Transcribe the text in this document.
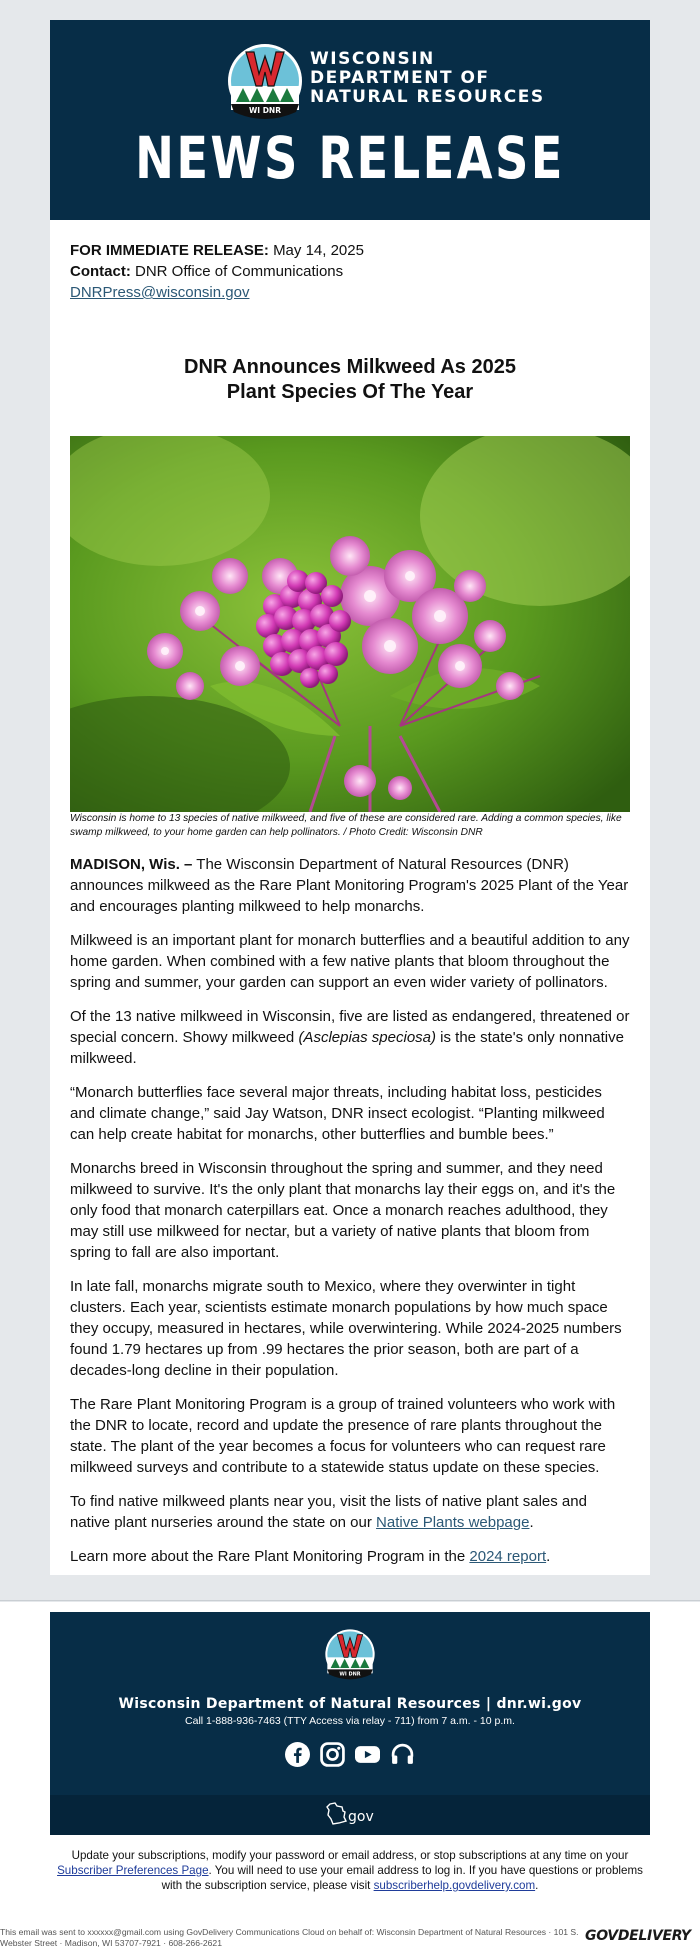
WI DNR
WISCONSIN
DEPARTMENT OF
NATURAL RESOURCES
NEWS RELEASE
FOR IMMEDIATE RELEASE: May 14, 2025
Contact: DNR Office of Communications
DNRPress@wisconsin.gov
DNR Announces Milkweed As 2025
Plant Species Of The Year
Wisconsin is home to 13 species of native milkweed, and five of these are considered rare. Adding a common species, like swamp milkweed, to your home garden can help pollinators. / Photo Credit: Wisconsin DNR

MADISON, Wis. – The Wisconsin Department of Natural Resources (DNR) announces milkweed as the Rare Plant Monitoring Program's 2025 Plant of the Year and encourages planting milkweed to help monarchs.

Milkweed is an important plant for monarch butterflies and a beautiful addition to any home garden. When combined with a few native plants that bloom throughout the spring and summer, your garden can support an even wider variety of pollinators.

Of the 13 native milkweed in Wisconsin, five are listed as endangered, threatened or special concern. Showy milkweed (Asclepias speciosa) is the state's only nonnative milkweed.

“Monarch butterflies face several major threats, including habitat loss, pesticides and climate change,” said Jay Watson, DNR insect ecologist. “Planting milkweed can help create habitat for monarchs, other butterflies and bumble bees.”

Monarchs breed in Wisconsin throughout the spring and summer, and they need milkweed to survive. It's the only plant that monarchs lay their eggs on, and it's the only food that monarch caterpillars eat. Once a monarch reaches adulthood, they may still use milkweed for nectar, but a variety of native plants that bloom from spring to fall are also important.

In late fall, monarchs migrate south to Mexico, where they overwinter in tight clusters. Each year, scientists estimate monarch populations by how much space they occupy, measured in hectares, while overwintering. While 2024-2025 numbers found 1.79 hectares up from .99 hectares the prior season, both are part of a decades-long decline in their population.

The Rare Plant Monitoring Program is a group of trained volunteers who work with the DNR to locate, record and update the presence of rare plants throughout the state. The plant of the year becomes a focus for volunteers who can request rare milkweed surveys and contribute to a statewide status update on these species.

To find native milkweed plants near you, visit the lists of native plant sales and native plant nurseries around the state on our Native Plants webpage.

Learn more about the Rare Plant Monitoring Program in the 2024 report.

WI DNR
Wisconsin Department of Natural Resources | dnr.wi.gov
Call 1-888-936-7463 (TTY Access via relay - 711) from 7 a.m. - 10 p.m.
gov
Update your subscriptions, modify your password or email address, or stop subscriptions at any time on your Subscriber Preferences Page. You will need to use your email address to log in. If you have questions or problems with the subscription service, please visit subscriberhelp.govdelivery.com.
This email was sent to xxxxxx@gmail.com using GovDelivery Communications Cloud on behalf of: Wisconsin Department of Natural Resources · 101 S. Webster Street · Madison, WI 53707-7921 · 608-266-2621	GOVDELIVERY
